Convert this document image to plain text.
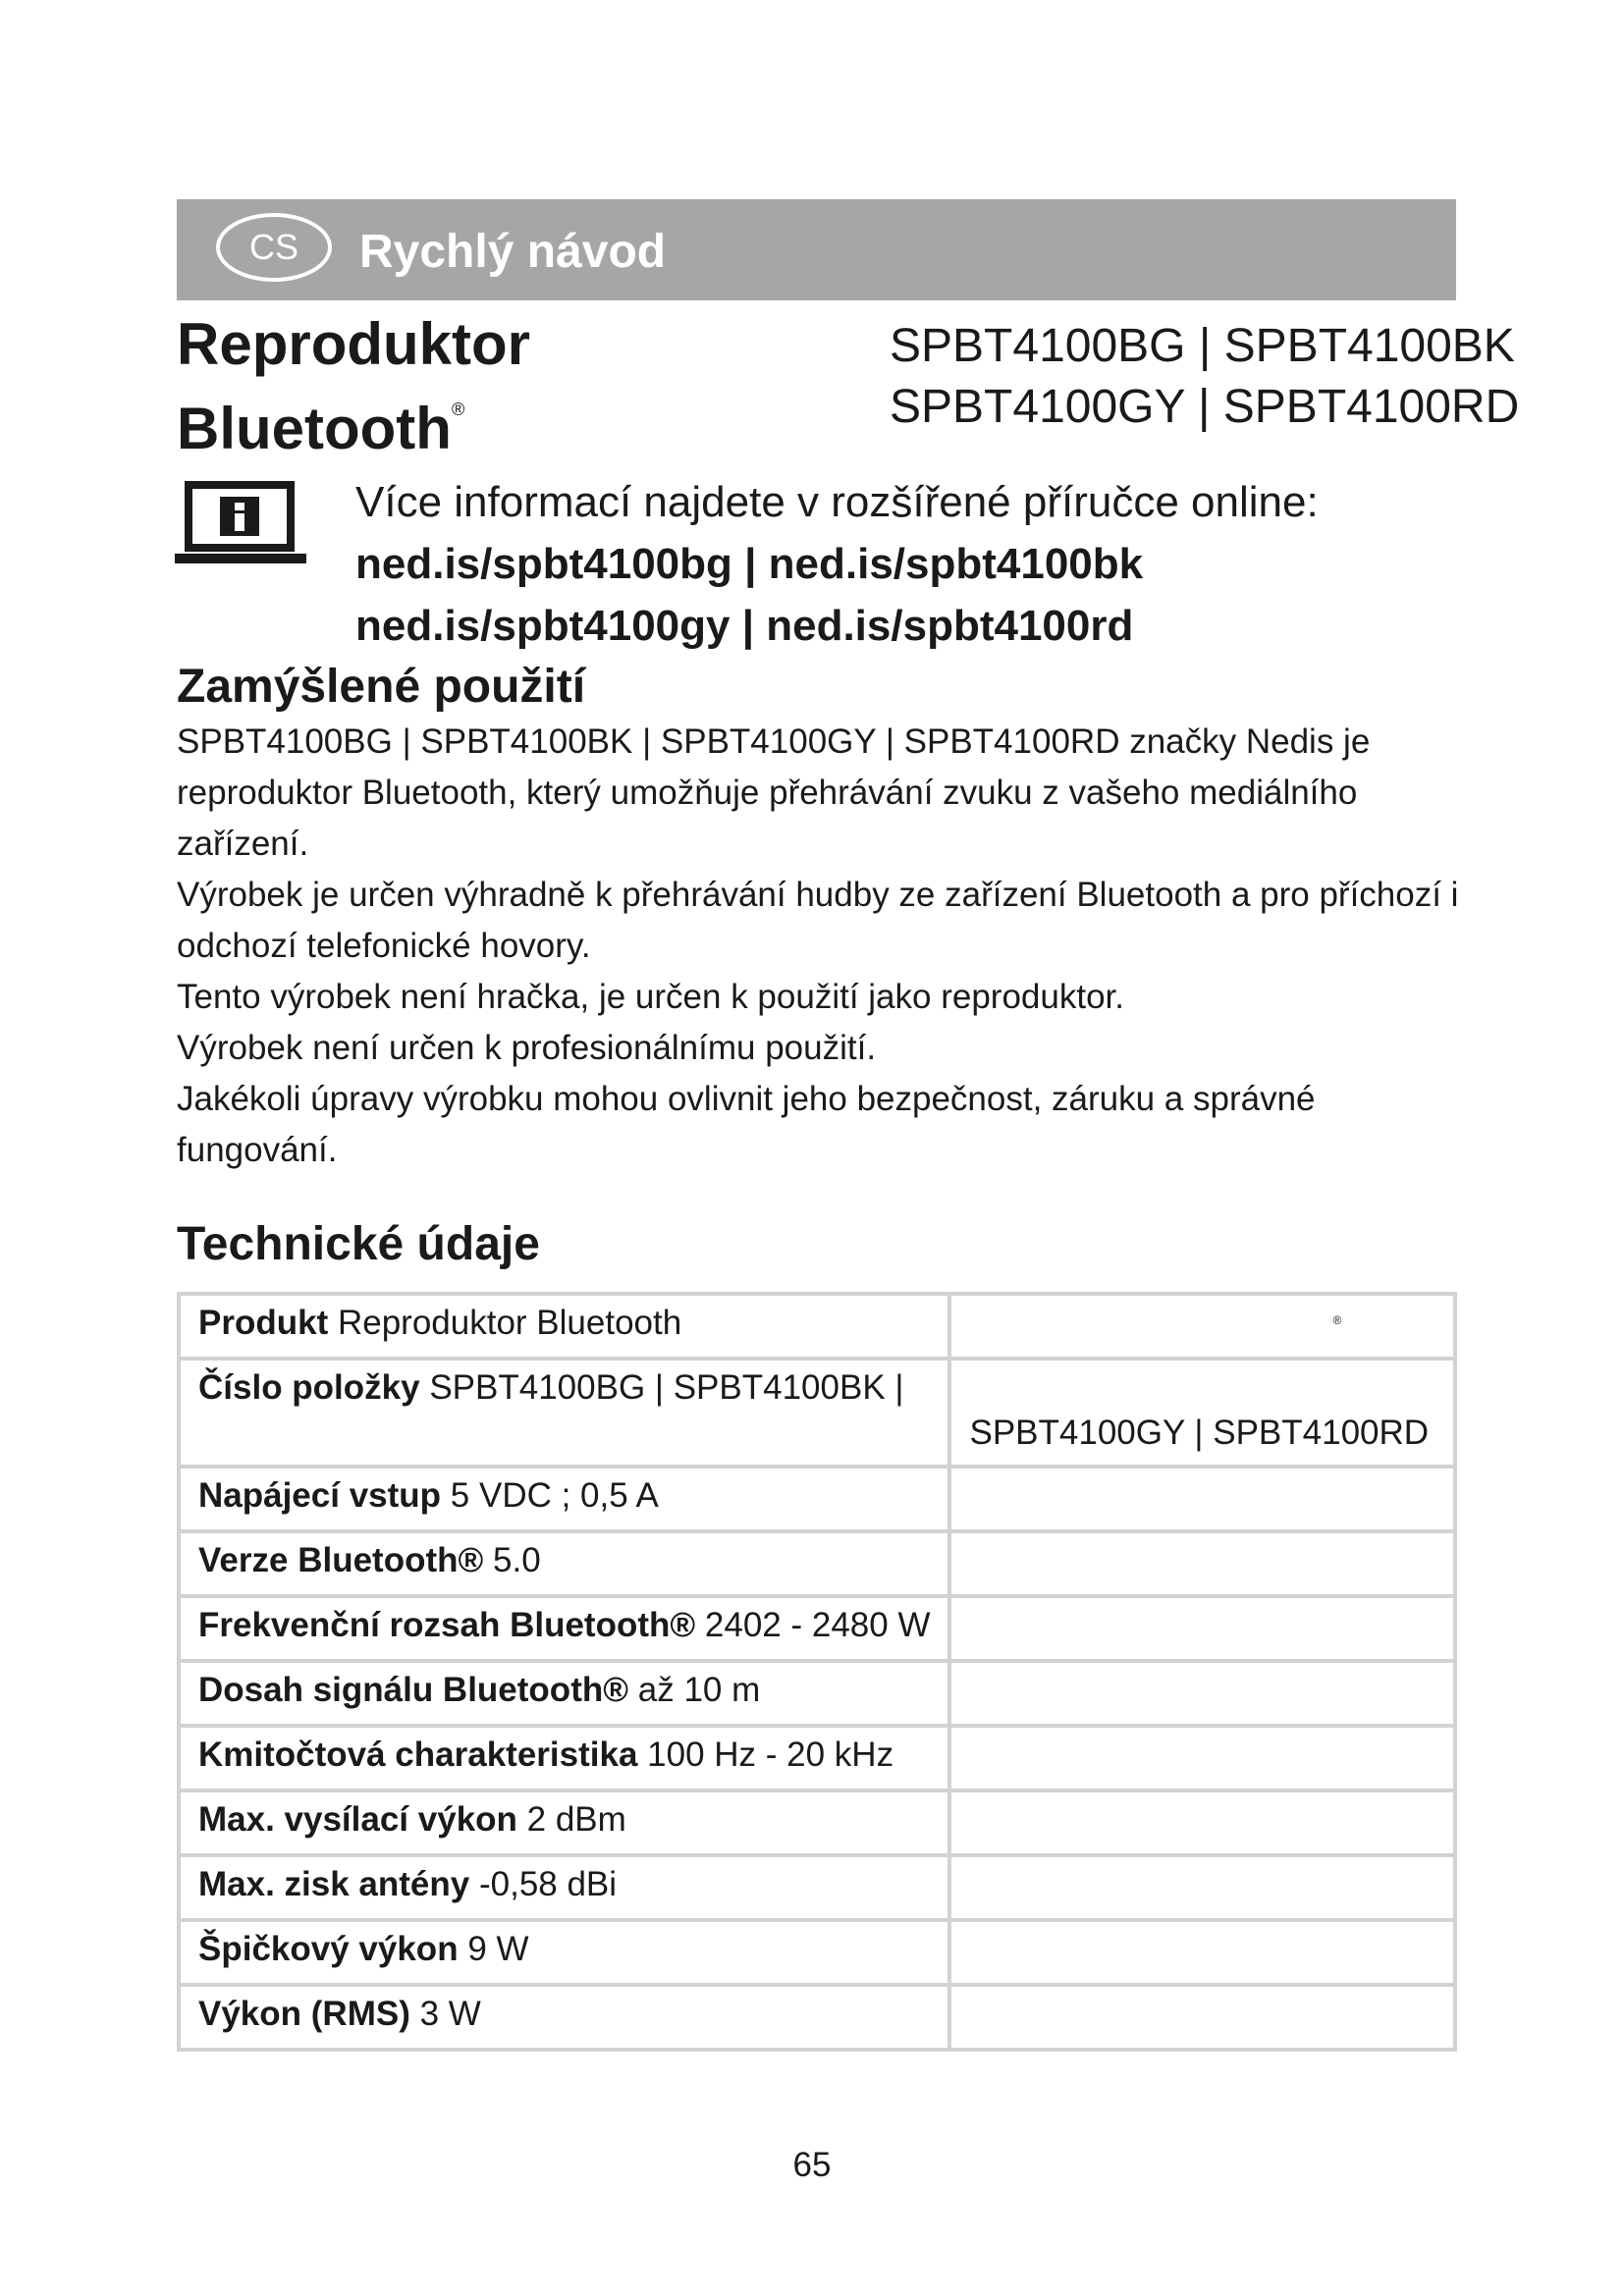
CS	Rychlý návod
Reproduktor
Bluetooth®
SPBT4100BG | SPBT4100BK
SPBT4100GY | SPBT4100RD
Více informací najdete v rozšířené příručce online:
ned.is/spbt4100bg | ned.is/spbt4100bk
ned.is/spbt4100gy | ned.is/spbt4100rd
Zamýšlené použití

SPBT4100BG | SPBT4100BK | SPBT4100GY | SPBT4100RD značky Nedis je reproduktor Bluetooth, který umožňuje přehrávání zvuku z vašeho mediálního zařízení.

Výrobek je určen výhradně k přehrávání hudby ze zařízení Bluetooth a pro příchozí i odchozí telefonické hovory.

Tento výrobek není hračka, je určen k použití jako reproduktor.

Výrobek není určen k profesionálnímu použití.

Jakékoli úpravy výrobku mohou ovlivnit jeho bezpečnost, záruku a správné fungování.

Technické údaje
Produkt Reproduktor Bluetooth	®
Číslo položky SPBT4100BG | SPBT4100BK |	SPBT4100GY | SPBT4100RD

Napájecí vstup 5 VDC ; 0,5 A	
Verze Bluetooth® 5.0	
Frekvenční rozsah Bluetooth® 2402 - 2480 W	
Dosah signálu Bluetooth® až 10 m	
Kmitočtová charakteristika 100 Hz - 20 kHz	
Max. vysílací výkon 2 dBm	
Max. zisk antény -0,58 dBi	
Špičkový výkon 9 W	
Výkon (RMS) 3 W	
65
